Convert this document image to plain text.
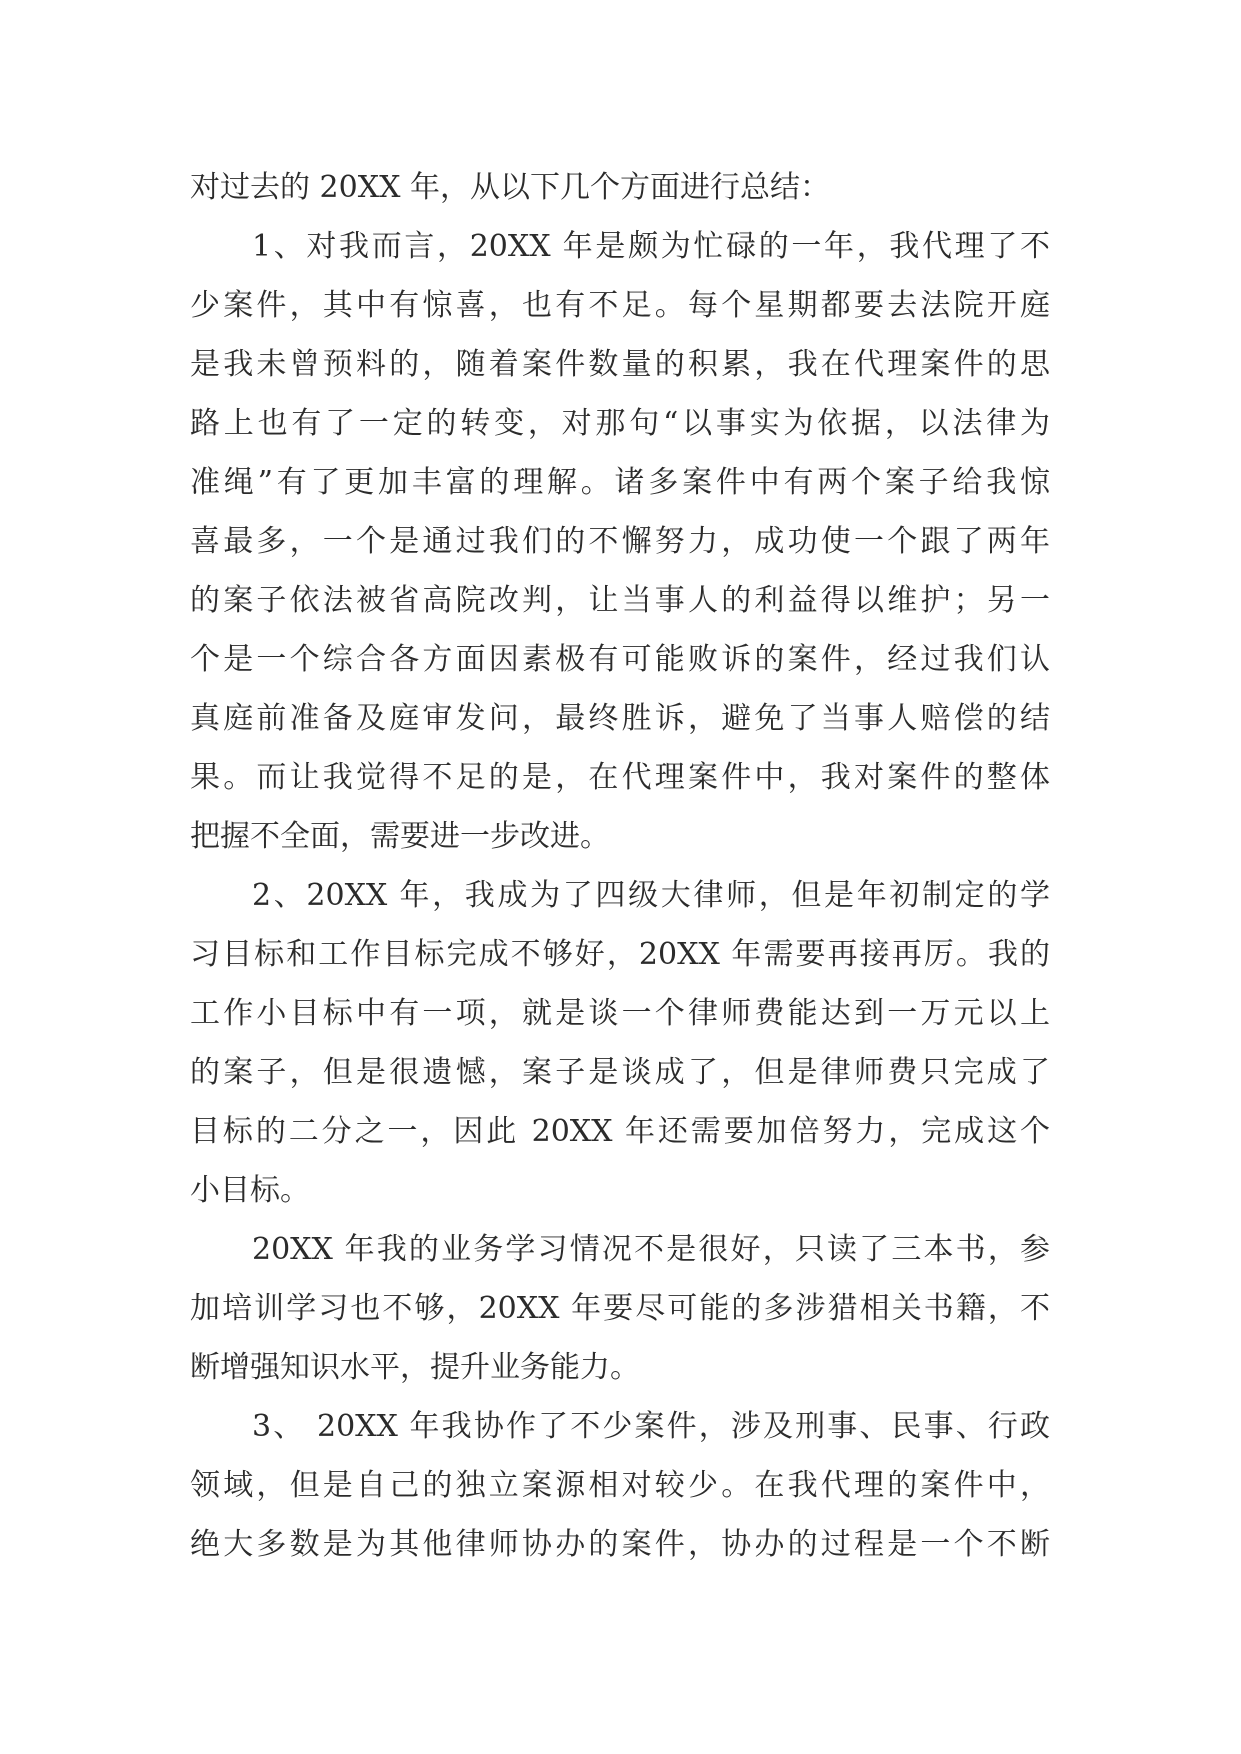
对过去的 20XX 年，从以下几个方面进行总结：
1、对我而言，20XX 年是颇为忙碌的一年，我代理了不
少案件，其中有惊喜，也有不足。每个星期都要去法院开庭
是我未曾预料的，随着案件数量的积累，我在代理案件的思
路上也有了一定的转变，对那句“以事实为依据，以法律为
准绳”有了更加丰富的理解。诸多案件中有两个案子给我惊
喜最多，一个是通过我们的不懈努力，成功使一个跟了两年
的案子依法被省高院改判，让当事人的利益得以维护；另一
个是一个综合各方面因素极有可能败诉的案件，经过我们认
真庭前准备及庭审发问，最终胜诉，避免了当事人赔偿的结
果。而让我觉得不足的是，在代理案件中，我对案件的整体
把握不全面，需要进一步改进。
2、20XX 年，我成为了四级大律师，但是年初制定的学
习目标和工作目标完成不够好，20XX 年需要再接再厉。我的
工作小目标中有一项，就是谈一个律师费能达到一万元以上
的案子，但是很遗憾，案子是谈成了，但是律师费只完成了
目标的二分之一，因此 20XX 年还需要加倍努力，完成这个
小目标。
20XX 年我的业务学习情况不是很好，只读了三本书，参
加培训学习也不够，20XX 年要尽可能的多涉猎相关书籍，不
断增强知识水平，提升业务能力。
3、 20XX 年我协作了不少案件，涉及刑事、民事、行政
领域，但是自己的独立案源相对较少。在我代理的案件中，
绝大多数是为其他律师协办的案件，协办的过程是一个不断
